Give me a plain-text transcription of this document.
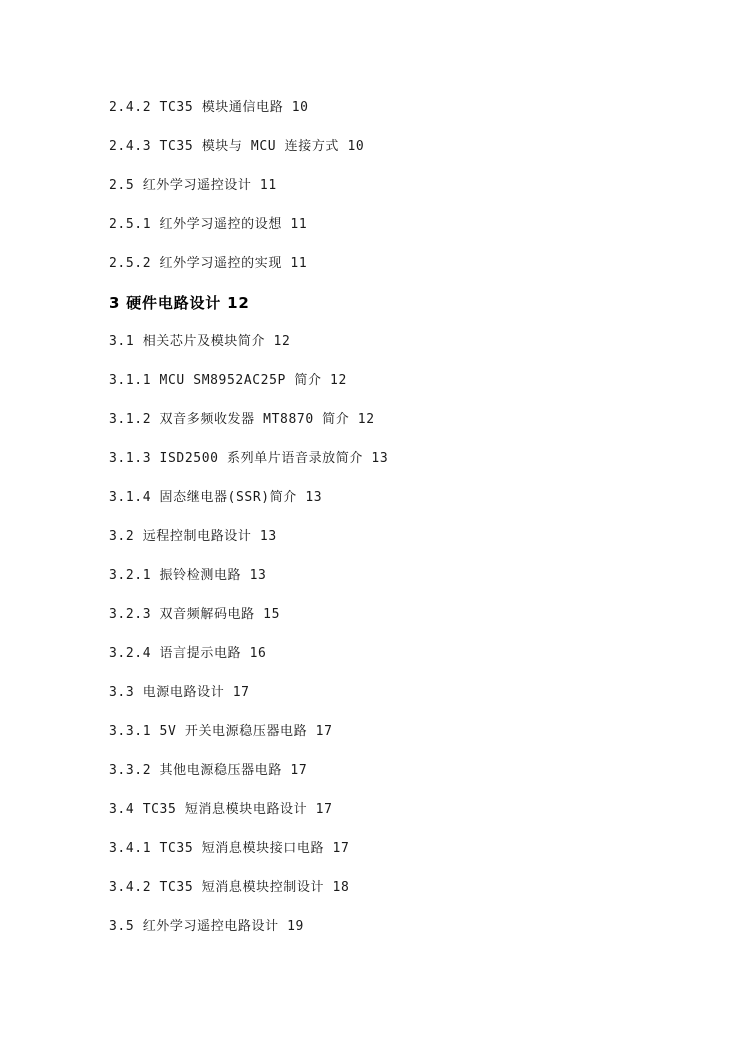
2.4.2 TC35 模块通信电路 10
2.4.3 TC35 模块与 MCU 连接方式 10
2.5 红外学习遥控设计 11
2.5.1 红外学习遥控的设想 11
2.5.2 红外学习遥控的实现 11
3 硬件电路设计 12
3.1 相关芯片及模块简介 12
3.1.1 MCU SM8952AC25P 简介 12
3.1.2 双音多频收发器 MT8870 简介 12
3.1.3 ISD2500 系列单片语音录放简介 13
3.1.4 固态继电器(SSR)简介 13
3.2 远程控制电路设计 13
3.2.1 振铃检测电路 13
3.2.3 双音频解码电路 15
3.2.4 语言提示电路 16
3.3 电源电路设计 17
3.3.1 5V 开关电源稳压器电路 17
3.3.2 其他电源稳压器电路 17
3.4 TC35 短消息模块电路设计 17
3.4.1 TC35 短消息模块接口电路 17
3.4.2 TC35 短消息模块控制设计 18
3.5 红外学习遥控电路设计 19
